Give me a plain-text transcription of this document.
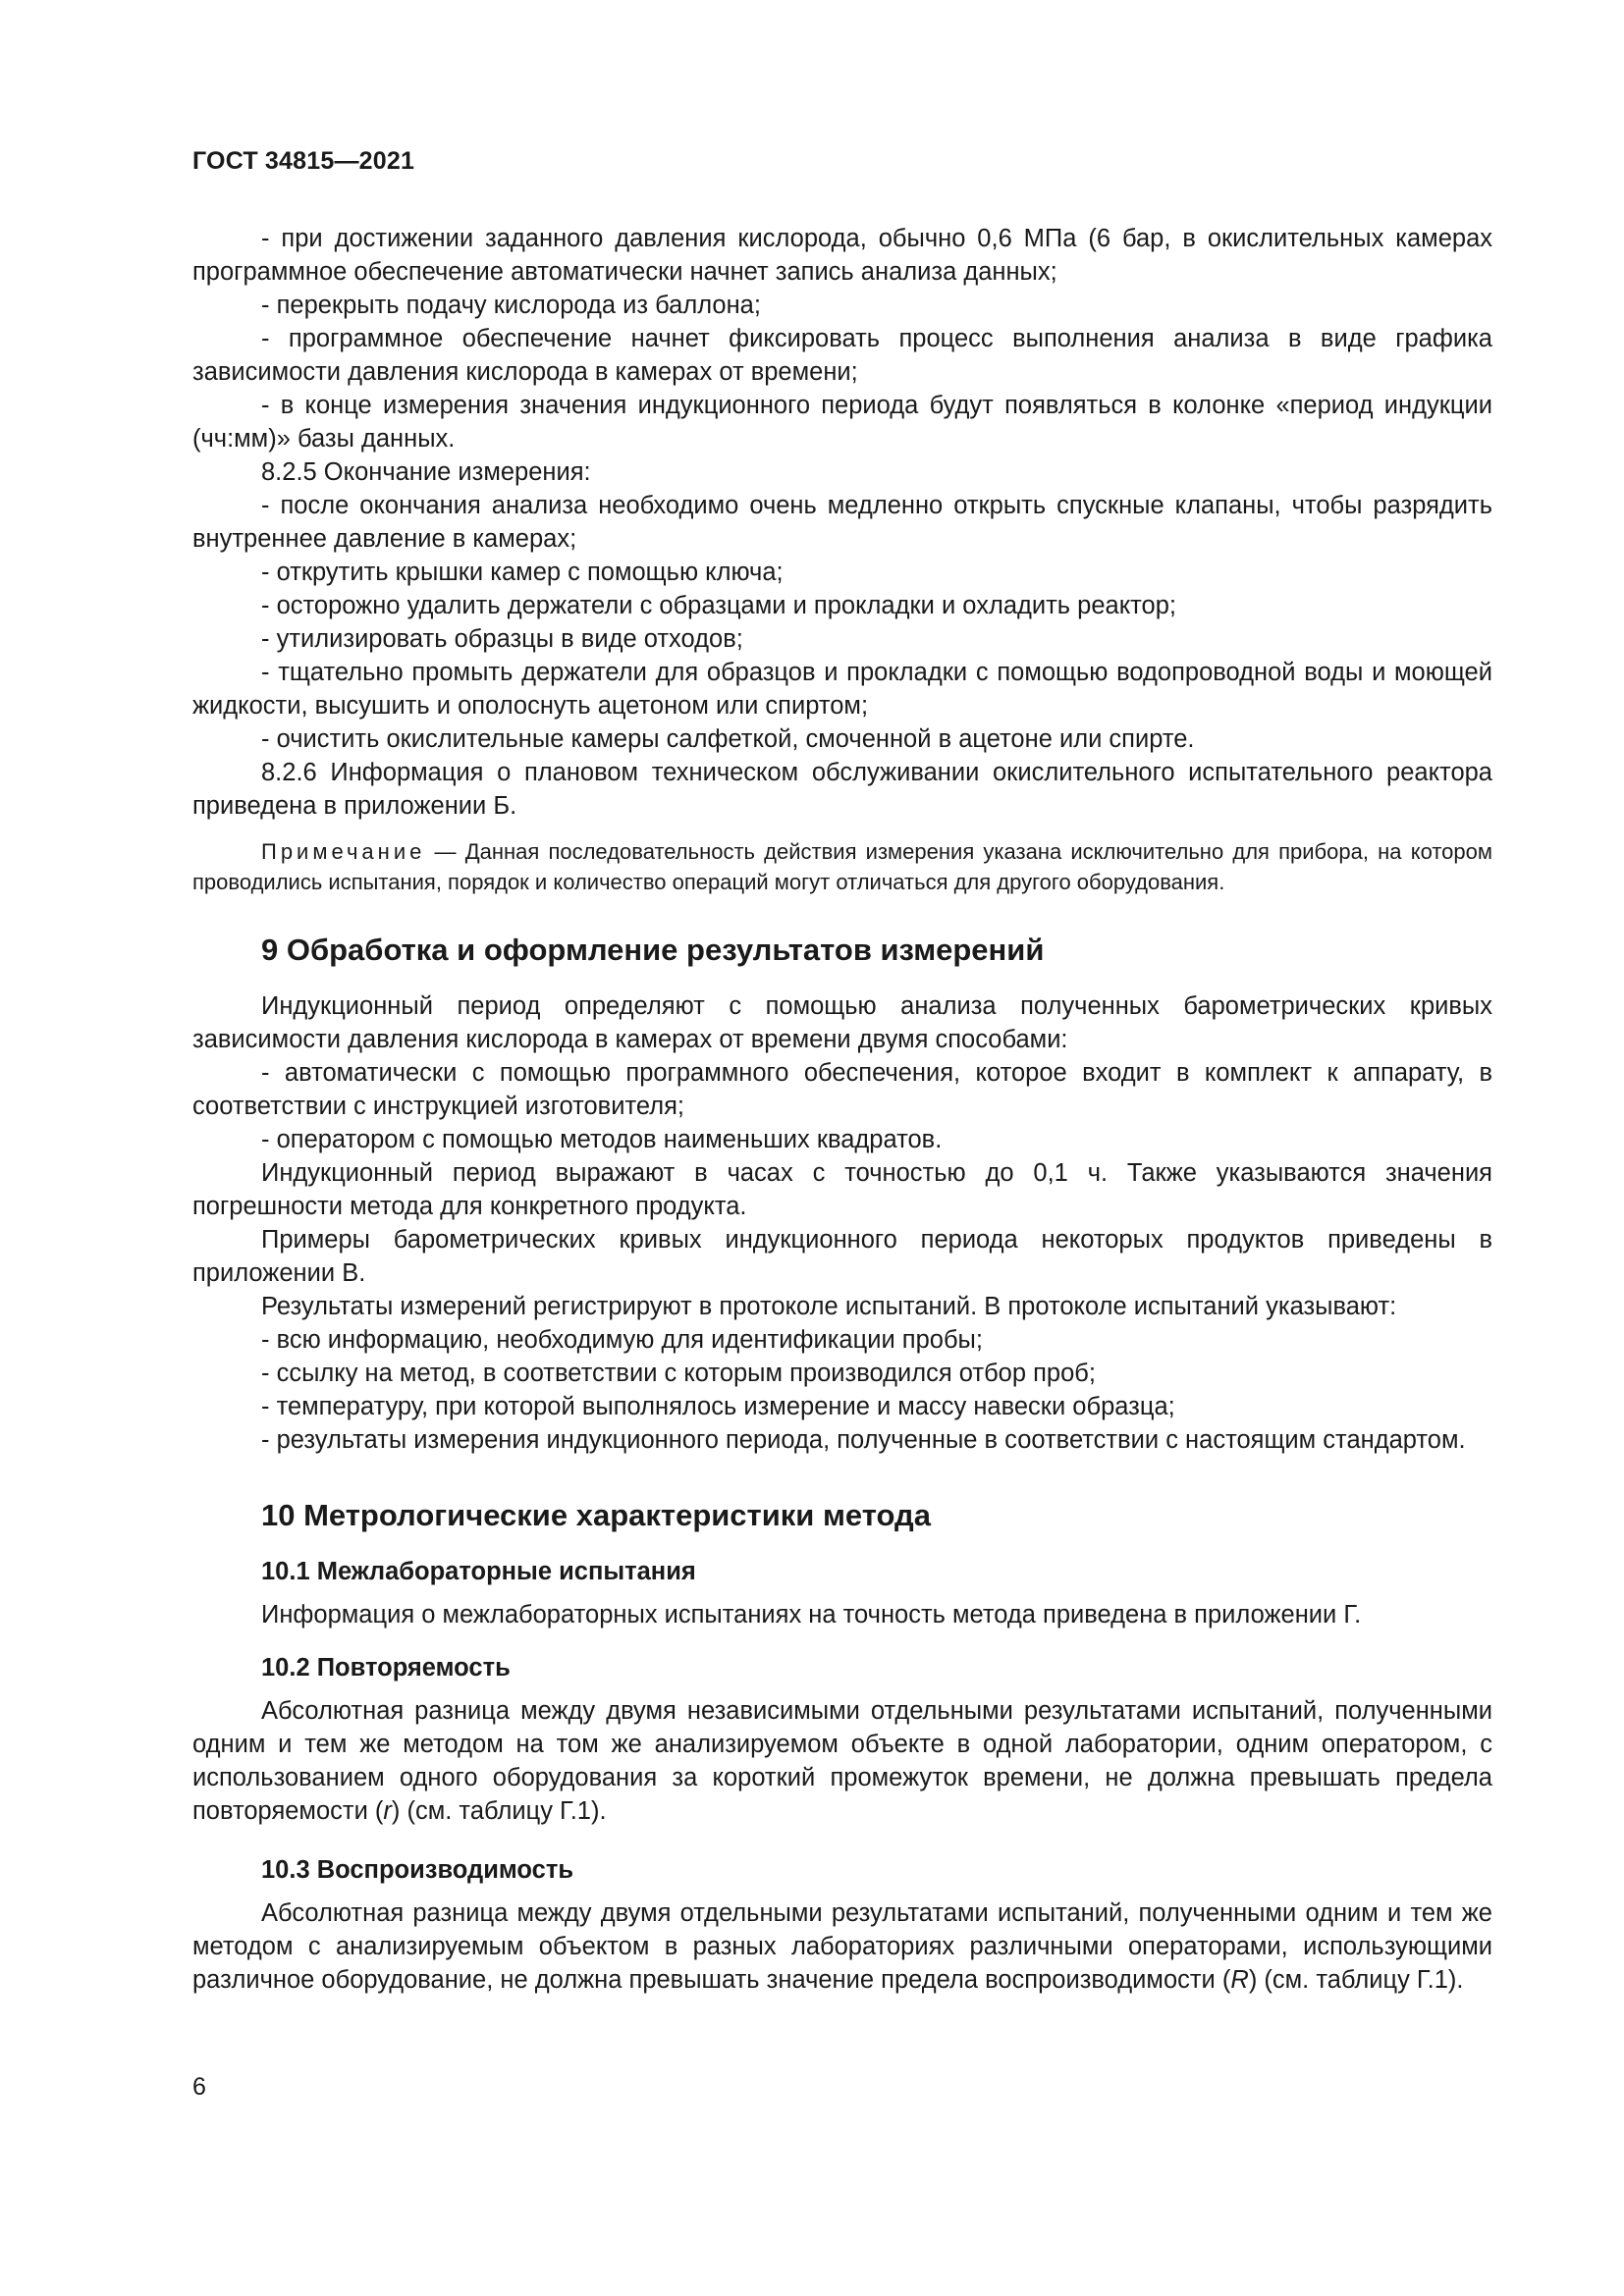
ГОСТ 34815—2021

- при достижении заданного давления кислорода, обычно 0,6 МПа (6 бар, в окислительных камерах программное обеспечение автоматически начнет запись анализа данных;

- перекрыть подачу кислорода из баллона;

- программное обеспечение начнет фиксировать процесс выполнения анализа в виде графика зависимости давления кислорода в камерах от времени;

- в конце измерения значения индукционного периода будут появляться в колонке «период индукции (чч:мм)» базы данных.

8.2.5 Окончание измерения:

- после окончания анализа необходимо очень медленно открыть спускные клапаны, чтобы разрядить внутреннее давление в камерах;

- открутить крышки камер с помощью ключа;

- осторожно удалить держатели с образцами и прокладки и охладить реактор;

- утилизировать образцы в виде отходов;

- тщательно промыть держатели для образцов и прокладки с помощью водопроводной воды и моющей жидкости, высушить и ополоснуть ацетоном или спиртом;

- очистить окислительные камеры салфеткой, смоченной в ацетоне или спирте.

8.2.6 Информация о плановом техническом обслуживании окислительного испытательного реактора приведена в приложении Б.

Примечание — Данная последовательность действия измерения указана исключительно для прибора, на котором проводились испытания, порядок и количество операций могут отличаться для другого оборудования.

9 Обработка и оформление результатов измерений

Индукционный период определяют с помощью анализа полученных барометрических кривых зависимости давления кислорода в камерах от времени двумя способами:

- автоматически с помощью программного обеспечения, которое входит в комплект к аппарату, в соответствии с инструкцией изготовителя;

- оператором с помощью методов наименьших квадратов.

Индукционный период выражают в часах с точностью до 0,1 ч. Также указываются значения погрешности метода для конкретного продукта.

Примеры барометрических кривых индукционного периода некоторых продуктов приведены в приложении В.

Результаты измерений регистрируют в протоколе испытаний. В протоколе испытаний указывают:

- всю информацию, необходимую для идентификации пробы;

- ссылку на метод, в соответствии с которым производился отбор проб;

- температуру, при которой выполнялось измерение и массу навески образца;

- результаты измерения индукционного периода, полученные в соответствии с настоящим стандартом.

10 Метрологические характеристики метода
10.1 Межлабораторные испытания

Информация о межлабораторных испытаниях на точность метода приведена в приложении Г.

10.2 Повторяемость

Абсолютная разница между двумя независимыми отдельными результатами испытаний, полученными одним и тем же методом на том же анализируемом объекте в одной лаборатории, одним оператором, с использованием одного оборудования за короткий промежуток времени, не должна превышать предела повторяемости (r) (см. таблицу Г.1).

10.3 Воспроизводимость

Абсолютная разница между двумя отдельными результатами испытаний, полученными одним и тем же методом с анализируемым объектом в разных лабораториях различными операторами, использующими различное оборудование, не должна превышать значение предела воспроизводимости (R) (см. таблицу Г.1).

6
